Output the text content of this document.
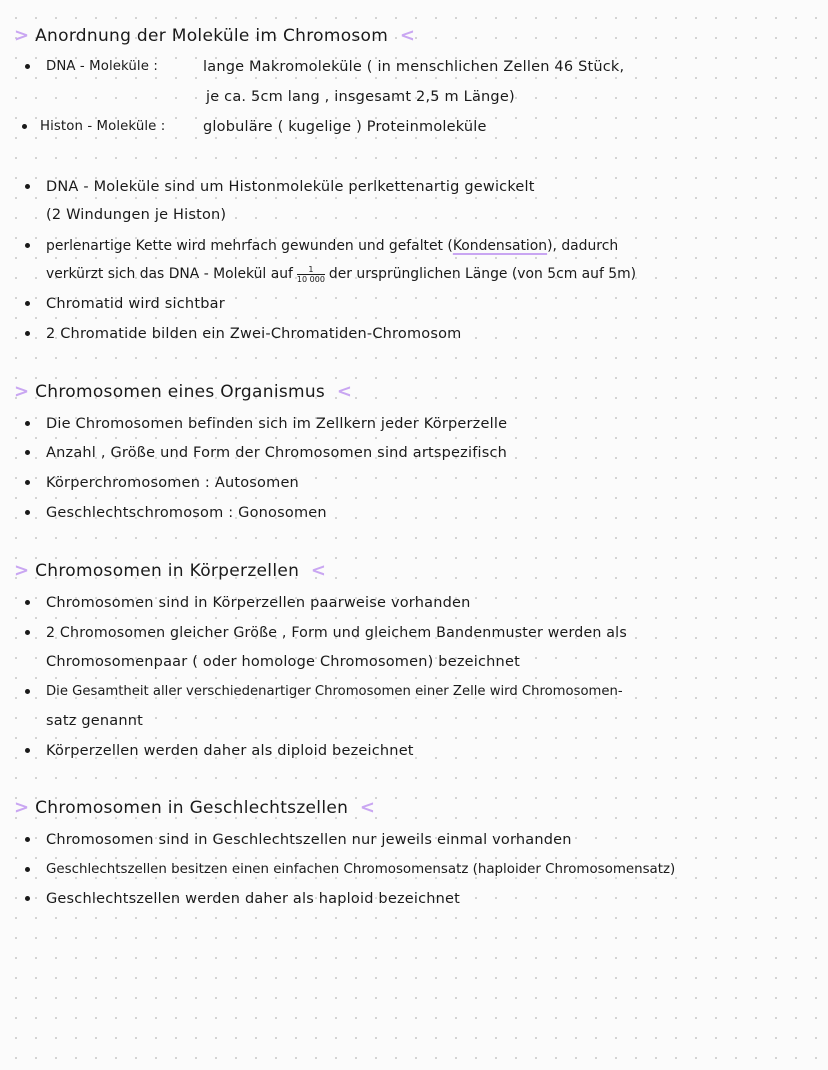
> Anordnung der Moleküle im Chromosom <
DNA - Moleküle :	lange Makromoleküle ( in menschlichen Zellen 46 Stück,
je ca. 5cm lang , insgesamt 2,5 m Länge)
Histon - Moleküle :	globuläre ( kugelige ) Proteinmoleküle
DNA - Moleküle sind um Histonmoleküle perlkettenartig gewickelt
(2 Windungen je Histon)
perlenartige Kette wird mehrfach gewunden und gefaltet (Kondensation), dadurch
verkürzt sich das DNA - Molekül auf $\frac{1}{10 000}$ der ursprünglichen Länge (von 5cm auf 5m)
Chromatid wird sichtbar
2 Chromatide bilden ein Zwei-Chromatiden-Chromosom
> Chromosomen eines Organismus <
Die Chromosomen befinden sich im Zellkern jeder Körperzelle
Anzahl , Größe und Form der Chromosomen sind artspezifisch
Körperchromosomen : Autosomen
Geschlechtschromosom : Gonosomen
> Chromosomen in Körperzellen <
Chromosomen sind in Körperzellen paarweise vorhanden
2 Chromosomen gleicher Größe , Form und gleichem Bandenmuster werden als
Chromosomenpaar ( oder homologe Chromosomen) bezeichnet
Die Gesamtheit aller verschiedenartiger Chromosomen einer Zelle wird Chromosomen-
satz genannt
Körperzellen werden daher als diploid bezeichnet
> Chromosomen in Geschlechtszellen <
Chromosomen sind in Geschlechtszellen nur jeweils einmal vorhanden
Geschlechtszellen besitzen einen einfachen Chromosomensatz (haploider Chromosomensatz)
Geschlechtszellen werden daher als haploid bezeichnet
